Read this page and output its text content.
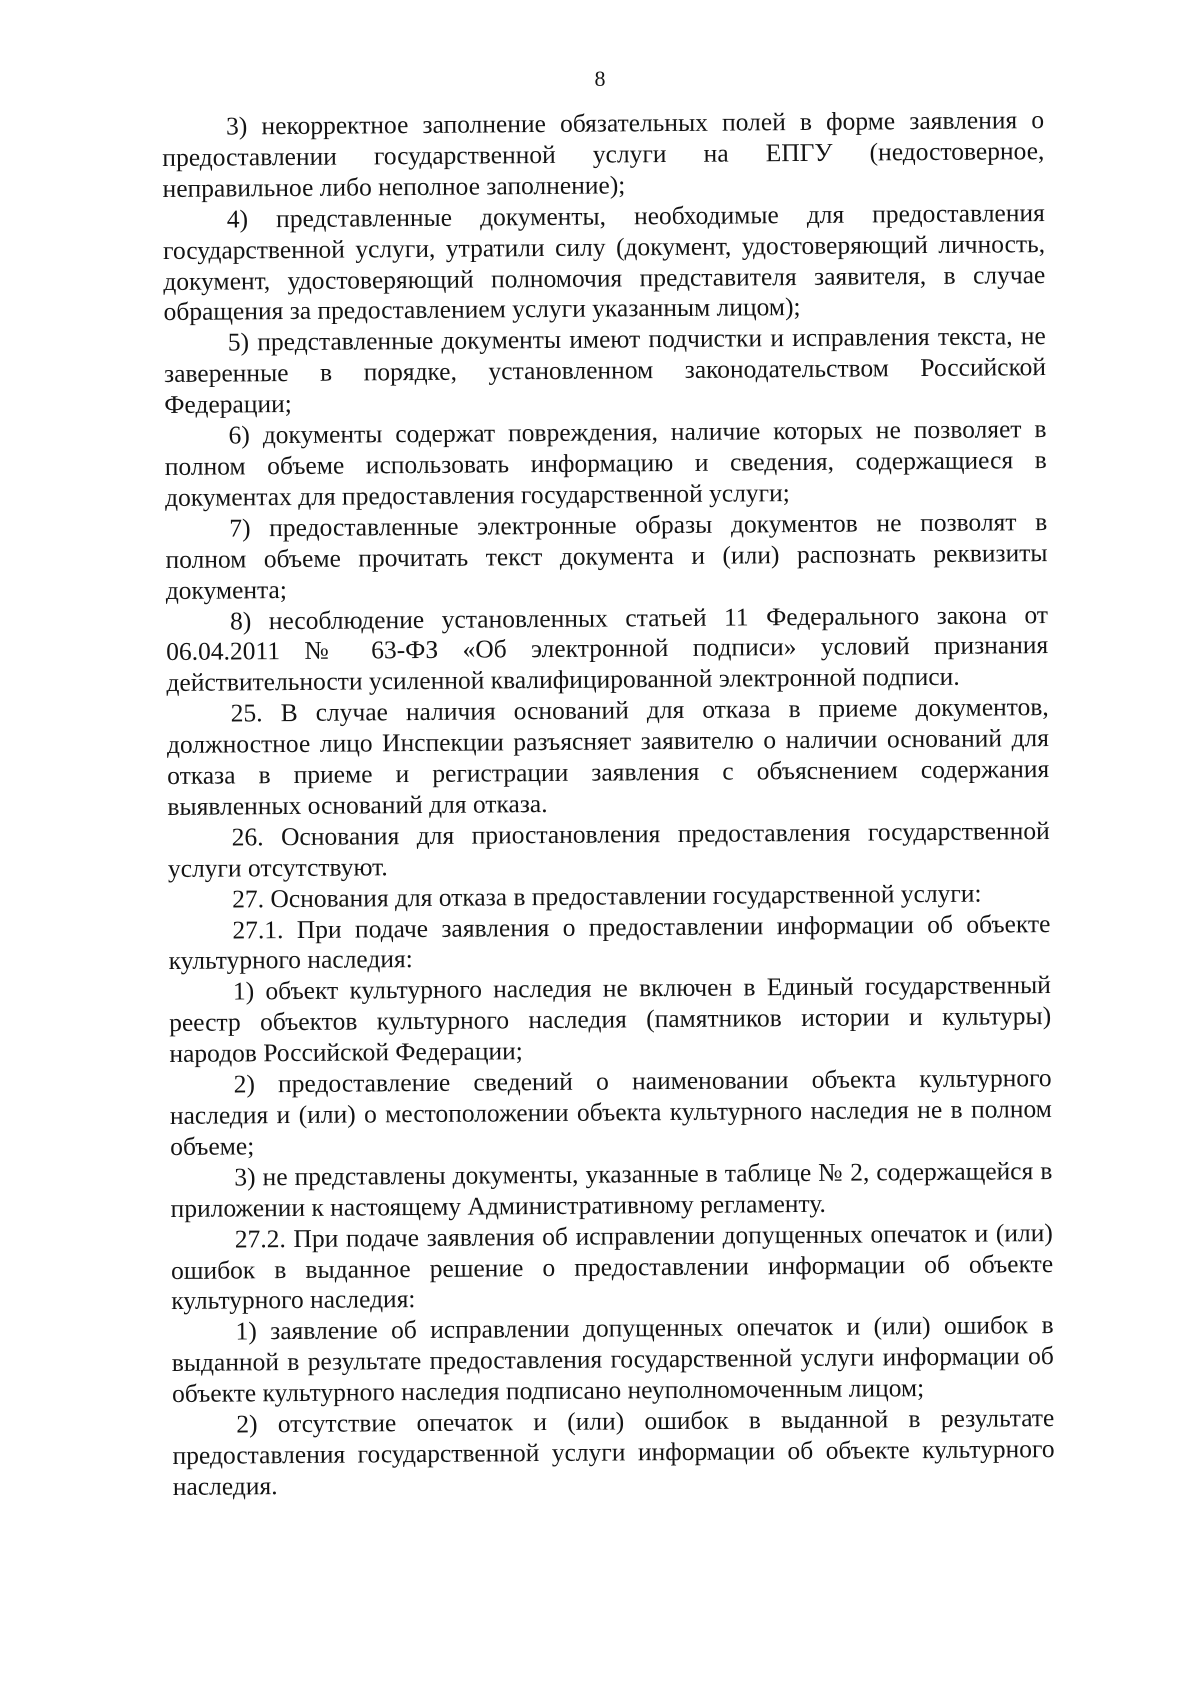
8

3) некорректное заполнение обязательных полей в форме заявления о предоставлении государственной услуги на ЕПГУ (недостоверное, неправильное либо неполное заполнение);

4) представленные документы, необходимые для предоставления государственной услуги, утратили силу (документ, удостоверяющий личность, документ, удостоверяющий полномочия представителя заявителя, в случае обращения за предоставлением услуги указанным лицом);

5) представленные документы имеют подчистки и исправления текста, не заверенные в порядке, установленном законодательством Российской Федерации;

6) документы содержат повреждения, наличие которых не позволяет в полном объеме использовать информацию и сведения, содержащиеся в документах для предоставления государственной услуги;

7) предоставленные электронные образы документов не позволят в полном объеме прочитать текст документа и (или) распознать реквизиты документа;

8) несоблюдение установленных статьей 11 Федерального закона от 06.04.2011 № 63-ФЗ «Об электронной подписи» условий признания действительности усиленной квалифицированной электронной подписи.

25. В случае наличия оснований для отказа в приеме документов, должностное лицо Инспекции разъясняет заявителю о наличии оснований для отказа в приеме и регистрации заявления с объяснением содержания выявленных оснований для отказа.

26. Основания для приостановления предоставления государственной услуги отсутствуют.

27. Основания для отказа в предоставлении государственной услуги:

27.1. При подаче заявления о предоставлении информации об объекте культурного наследия:

1) объект культурного наследия не включен в Единый государственный реестр объектов культурного наследия (памятников истории и культуры) народов Российской Федерации;

2) предоставление сведений о наименовании объекта культурного наследия и (или) о местоположении объекта культурного наследия не в полном объеме;

3) не представлены документы, указанные в таблице № 2, содержащейся в приложении к настоящему Административному регламенту.

27.2. При подаче заявления об исправлении допущенных опечаток и (или) ошибок в выданное решение о предоставлении информации об объекте культурного наследия:

1) заявление об исправлении допущенных опечаток и (или) ошибок в выданной в результате предоставления государственной услуги информации об объекте культурного наследия подписано неуполномоченным лицом;

2) отсутствие опечаток и (или) ошибок в выданной в результате предоставления государственной услуги информации об объекте культурного наследия.
